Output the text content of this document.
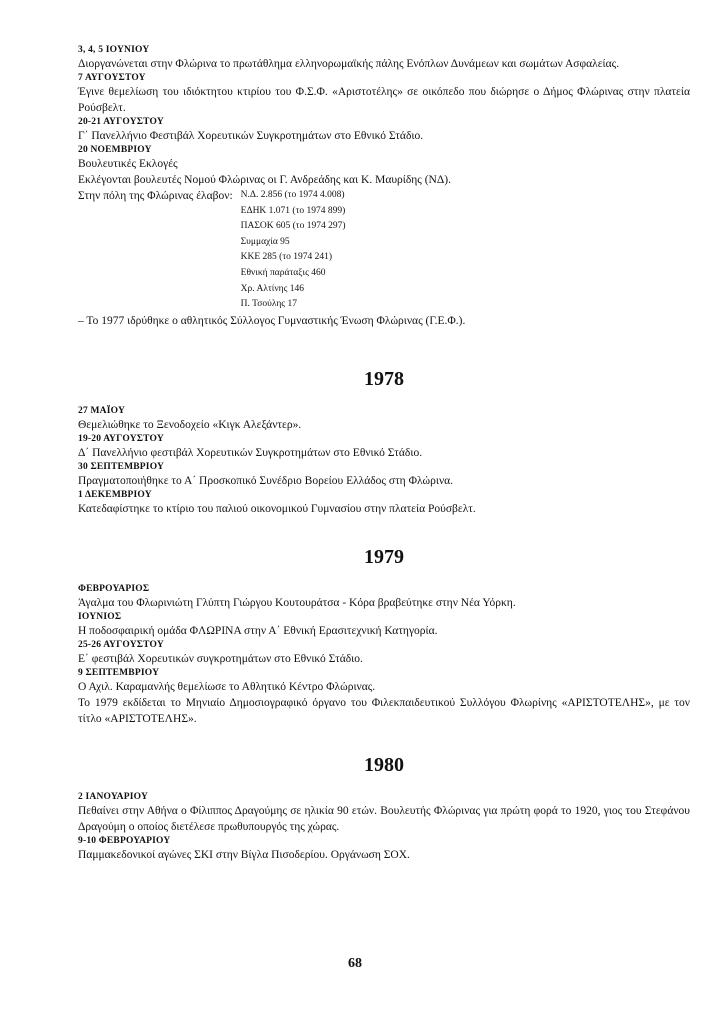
3, 4, 5 ΙΟΥΝΙΟΥ

Διοργανώνεται στην Φλώρινα το πρωτάθλημα ελληνορωμαϊκής πάλης Ενόπλων Δυνάμεων και σωμάτων Ασφαλείας.

7 ΑΥΓΟΥΣΤΟΥ

Έγινε θεμελίωση του ιδιόκτητου κτιρίου του Φ.Σ.Φ. «Αριστοτέλης» σε οικόπεδο που διώρησε ο Δήμος Φλώρινας στην πλατεία Ρούσβελτ.

20-21 ΑΥΓΟΥΣΤΟΥ

Γ΄ Πανελλήνιο Φεστιβάλ Χορευτικών Συγκροτημάτων στο Εθνικό Στάδιο.

20 ΝΟΕΜΒΡΙΟΥ

Βουλευτικές Εκλογές

Εκλέγονται βουλευτές Νομού Φλώρινας οι Γ. Ανδρεάδης και Κ. Μαυρίδης (ΝΔ).

Στην πόλη της Φλώρινας έλαβον: Ν.Δ. 2.856 (το 1974 4.008)

ΕΔΗΚ 1.071 (το 1974 899)

ΠΑΣΟΚ 605 (το 1974 297)

Συμμαχία 95

ΚΚΕ 285 (το 1974 241)

Εθνική παράταξις 460

Χρ. Αλτίνης 146

Π. Τσούλης 17

– Το 1977 ιδρύθηκε ο αθλητικός Σύλλογος Γυμναστικής Ένωση Φλώρινας (Γ.Ε.Φ.).

1978

27 ΜΑΪΟΥ

Θεμελιώθηκε το Ξενοδοχείο «Κιγκ Αλεξάντερ».

19-20 ΑΥΓΟΥΣΤΟΥ

Δ΄ Πανελλήνιο φεστιβάλ Χορευτικών Συγκροτημάτων στο Εθνικό Στάδιο.

30 ΣΕΠΤΕΜΒΡΙΟΥ

Πραγματοποιήθηκε το Α΄ Προσκοπικό Συνέδριο Βορείου Ελλάδος στη Φλώρινα.

1 ΔΕΚΕΜΒΡΙΟΥ

Κατεδαφίστηκε το κτίριο του παλιού οικονομικού Γυμνασίου στην πλατεία Ρούσβελτ.

1979

ΦΕΒΡΟΥΑΡΙΟΣ

Άγαλμα του Φλωρινιώτη Γλύπτη Γιώργου Κουτουράτσα - Κόρα βραβεύτηκε στην Νέα Υόρκη.

ΙΟΥΝΙΟΣ

Η ποδοσφαιρική ομάδα ΦΛΩΡΙΝΑ στην Α΄ Εθνική Ερασιτεχνική Κατηγορία.

25-26 ΑΥΓΟΥΣΤΟΥ

Ε΄ φεστιβάλ Χορευτικών συγκροτημάτων στο Εθνικό Στάδιο.

9 ΣΕΠΤΕΜΒΡΙΟΥ

Ο Αχιλ. Καραμανλής θεμελίωσε το Αθλητικό Κέντρο Φλώρινας.

Το 1979 εκδίδεται το Μηνιαίο Δημοσιογραφικό όργανο του Φιλεκπαιδευτικού Συλλόγου Φλωρίνης «ΑΡΙΣΤΟΤΕΛΗΣ», με τον τίτλο «ΑΡΙΣΤΟΤΕΛΗΣ».

1980

2 ΙΑΝΟΥΑΡΙΟΥ

Πεθαίνει στην Αθήνα ο Φίλιππος Δραγούμης σε ηλικία 90 ετών. Βουλευτής Φλώρινας για πρώτη φορά το 1920, γιος του Στεφάνου Δραγούμη ο οποίος διετέλεσε πρωθυπουργός της χώρας.

9-10 ΦΕΒΡΟΥΑΡΙΟΥ

Παμμακεδονικοί αγώνες ΣΚΙ στην Βίγλα Πισοδερίου. Οργάνωση ΣΟΧ.

68
